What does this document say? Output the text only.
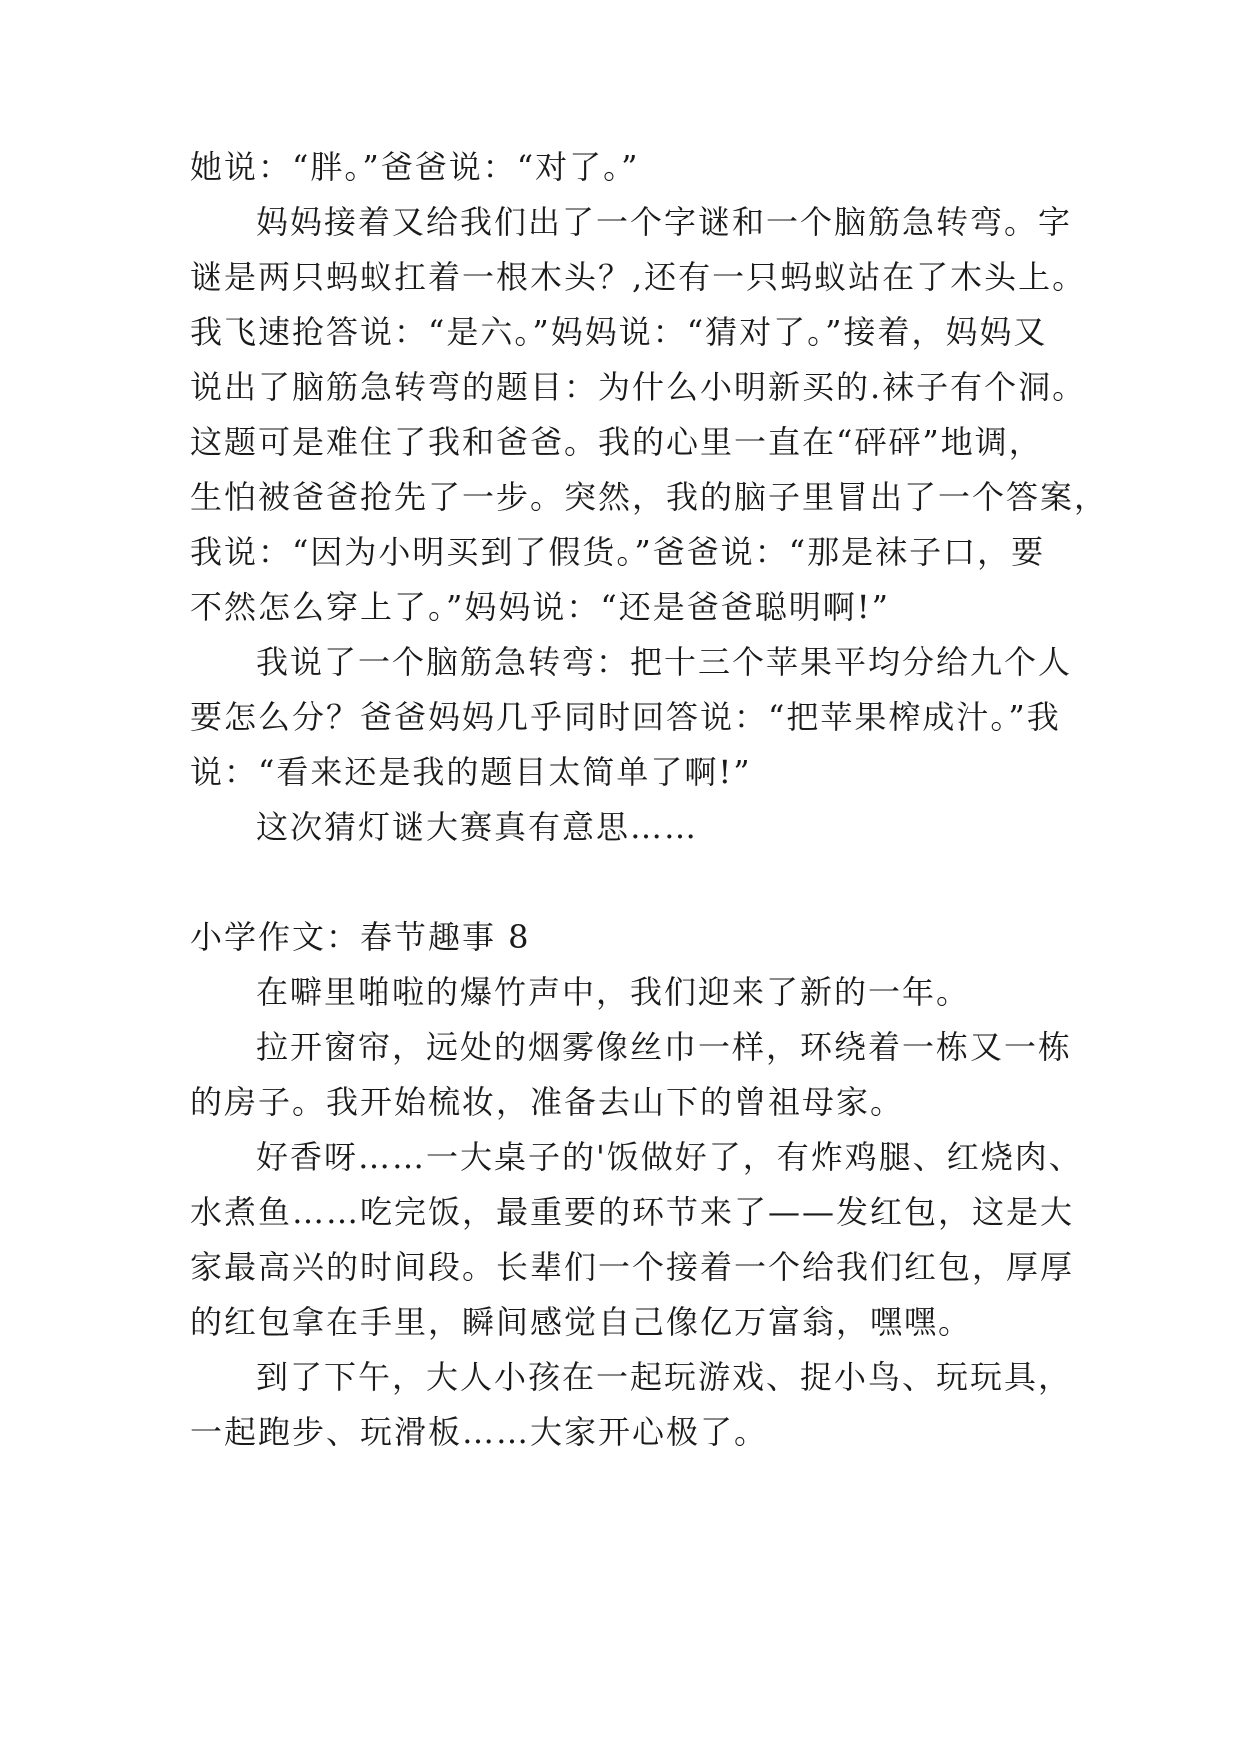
她说：“胖。”爸爸说：“对了。”

妈妈接着又给我们出了一个字谜和一个脑筋急转弯。字

谜是两只蚂蚁扛着一根木头？,还有一只蚂蚁站在了木头上。

我飞速抢答说：“是六。”妈妈说：“猜对了。”接着，妈妈又

说出了脑筋急转弯的题目：为什么小明新买的.袜子有个洞。

这题可是难住了我和爸爸。我的心里一直在“砰砰”地调，

生怕被爸爸抢先了一步。突然，我的脑子里冒出了一个答案，

我说：“因为小明买到了假货。”爸爸说：“那是袜子口，要

不然怎么穿上了。”妈妈说：“还是爸爸聪明啊!”

我说了一个脑筋急转弯：把十三个苹果平均分给九个人

要怎么分？爸爸妈妈几乎同时回答说：“把苹果榨成汁。”我

说：“看来还是我的题目太简单了啊!”

这次猜灯谜大赛真有意思……

小学作文：春节趣事 8

在噼里啪啦的爆竹声中，我们迎来了新的一年。

拉开窗帘，远处的烟雾像丝巾一样，环绕着一栋又一栋

的房子。我开始梳妆，准备去山下的曾祖母家。

好香呀……一大桌子的'饭做好了，有炸鸡腿、红烧肉、

水煮鱼……吃完饭，最重要的环节来了——发红包，这是大

家最高兴的时间段。长辈们一个接着一个给我们红包，厚厚

的红包拿在手里，瞬间感觉自己像亿万富翁，嘿嘿。

到了下午，大人小孩在一起玩游戏、捉小鸟、玩玩具，

一起跑步、玩滑板……大家开心极了。
